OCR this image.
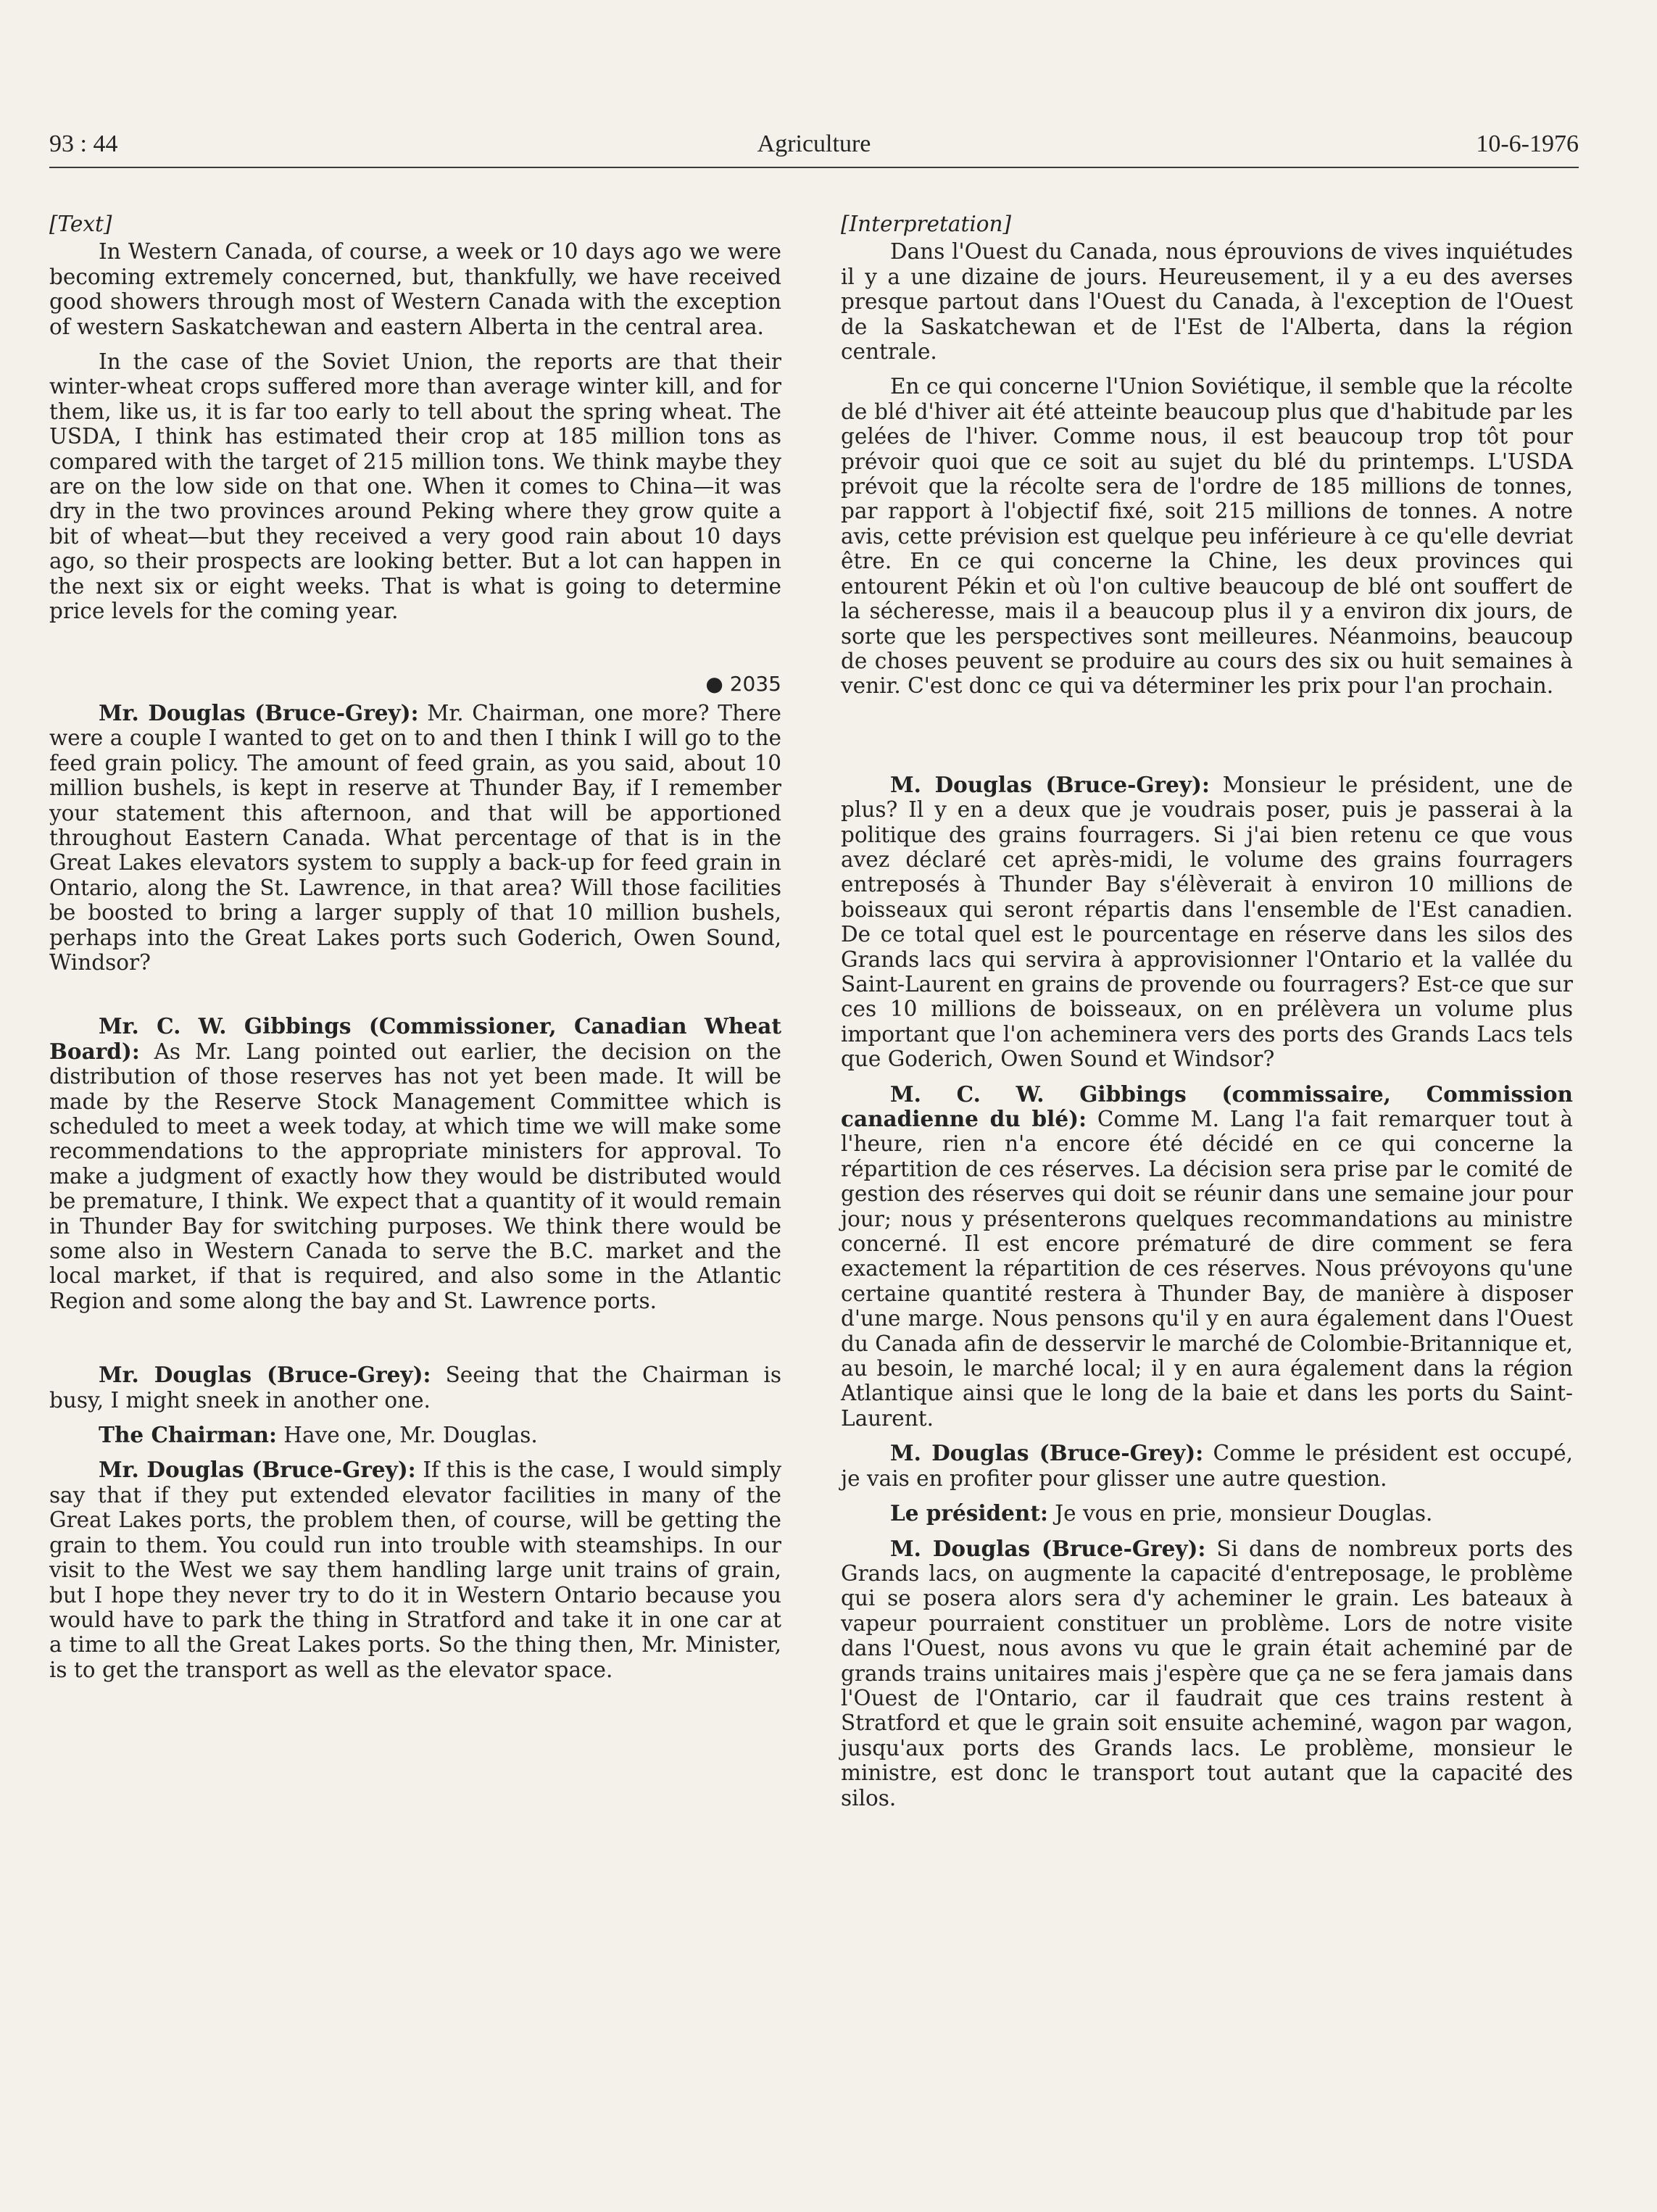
93 : 44	Agriculture	10-6-1976
[Text]

In Western Canada, of course, a week or 10 days ago we were becoming extremely concerned, but, thankfully, we have received good showers through most of Western Canada with the exception of western Saskatchewan and eastern Alberta in the central area.

In the case of the Soviet Union, the reports are that their winter-wheat crops suffered more than average winter kill, and for them, like us, it is far too early to tell about the spring wheat. The USDA, I think has estimated their crop at 185 million tons as compared with the target of 215 million tons. We think maybe they are on the low side on that one. When it comes to China—it was dry in the two provinces around Peking where they grow quite a bit of wheat—but they received a very good rain about 10 days ago, so their prospects are looking better. But a lot can happen in the next six or eight weeks. That is what is going to determine price levels for the coming year.

● 2035

Mr. Douglas (Bruce-Grey): Mr. Chairman, one more? There were a couple I wanted to get on to and then I think I will go to the feed grain policy. The amount of feed grain, as you said, about 10 million bushels, is kept in reserve at Thunder Bay, if I remember your statement this afternoon, and that will be apportioned throughout Eastern Canada. What percentage of that is in the Great Lakes elevators system to supply a back-up for feed grain in Ontario, along the St. Lawrence, in that area? Will those facilities be boosted to bring a larger supply of that 10 million bushels, perhaps into the Great Lakes ports such Goderich, Owen Sound, Windsor?

Mr. C. W. Gibbings (Commissioner, Canadian Wheat Board): As Mr. Lang pointed out earlier, the decision on the distribution of those reserves has not yet been made. It will be made by the Reserve Stock Management Committee which is scheduled to meet a week today, at which time we will make some recommendations to the appropriate ministers for approval. To make a judgment of exactly how they would be distributed would be premature, I think. We expect that a quantity of it would remain in Thunder Bay for switching purposes. We think there would be some also in Western Canada to serve the B.C. market and the local market, if that is required, and also some in the Atlantic Region and some along the bay and St. Lawrence ports.

Mr. Douglas (Bruce-Grey): Seeing that the Chairman is busy, I might sneek in another one.

The Chairman: Have one, Mr. Douglas.

Mr. Douglas (Bruce-Grey): If this is the case, I would simply say that if they put extended elevator facilities in many of the Great Lakes ports, the problem then, of course, will be getting the grain to them. You could run into trouble with steamships. In our visit to the West we say them handling large unit trains of grain, but I hope they never try to do it in Western Ontario because you would have to park the thing in Stratford and take it in one car at a time to all the Great Lakes ports. So the thing then, Mr. Minister, is to get the transport as well as the elevator space.

[Interpretation]

Dans l'Ouest du Canada, nous éprouvions de vives inquiétudes il y a une dizaine de jours. Heureusement, il y a eu des averses presque partout dans l'Ouest du Canada, à l'exception de l'Ouest de la Saskatchewan et de l'Est de l'Alberta, dans la région centrale.

En ce qui concerne l'Union Soviétique, il semble que la récolte de blé d'hiver ait été atteinte beaucoup plus que d'habitude par les gelées de l'hiver. Comme nous, il est beaucoup trop tôt pour prévoir quoi que ce soit au sujet du blé du printemps. L'USDA prévoit que la récolte sera de l'ordre de 185 millions de tonnes, par rapport à l'objectif fixé, soit 215 millions de tonnes. A notre avis, cette prévision est quelque peu inférieure à ce qu'elle devriat être. En ce qui concerne la Chine, les deux provinces qui entourent Pékin et où l'on cultive beaucoup de blé ont souffert de la sécheresse, mais il a beaucoup plus il y a environ dix jours, de sorte que les perspectives sont meilleures. Néanmoins, beaucoup de choses peuvent se produire au cours des six ou huit semaines à venir. C'est donc ce qui va déterminer les prix pour l'an prochain.

M. Douglas (Bruce-Grey): Monsieur le président, une de plus? Il y en a deux que je voudrais poser, puis je passerai à la politique des grains fourragers. Si j'ai bien retenu ce que vous avez déclaré cet après-midi, le volume des grains fourragers entreposés à Thunder Bay s'élèverait à environ 10 millions de boisseaux qui seront répartis dans l'ensemble de l'Est canadien. De ce total quel est le pourcentage en réserve dans les silos des Grands lacs qui servira à approvisionner l'Ontario et la vallée du Saint-Laurent en grains de provende ou fourragers? Est-ce que sur ces 10 millions de boisseaux, on en prélèvera un volume plus important que l'on acheminera vers des ports des Grands Lacs tels que Goderich, Owen Sound et Windsor?

M. C. W. Gibbings (commissaire, Commission canadienne du blé): Comme M. Lang l'a fait remarquer tout à l'heure, rien n'a encore été décidé en ce qui concerne la répartition de ces réserves. La décision sera prise par le comité de gestion des réserves qui doit se réunir dans une semaine jour pour jour; nous y présenterons quelques recommandations au ministre concerné. Il est encore prématuré de dire comment se fera exactement la répartition de ces réserves. Nous prévoyons qu'une certaine quantité restera à Thunder Bay, de manière à disposer d'une marge. Nous pensons qu'il y en aura également dans l'Ouest du Canada afin de desservir le marché de Colombie-Britannique et, au besoin, le marché local; il y en aura également dans la région Atlantique ainsi que le long de la baie et dans les ports du Saint-Laurent.

M. Douglas (Bruce-Grey): Comme le président est occupé, je vais en profiter pour glisser une autre question.

Le président: Je vous en prie, monsieur Douglas.

M. Douglas (Bruce-Grey): Si dans de nombreux ports des Grands lacs, on augmente la capacité d'entreposage, le problème qui se posera alors sera d'y acheminer le grain. Les bateaux à vapeur pourraient constituer un problème. Lors de notre visite dans l'Ouest, nous avons vu que le grain était acheminé par de grands trains unitaires mais j'espère que ça ne se fera jamais dans l'Ouest de l'Ontario, car il faudrait que ces trains restent à Stratford et que le grain soit ensuite acheminé, wagon par wagon, jusqu'aux ports des Grands lacs. Le problème, monsieur le ministre, est donc le transport tout autant que la capacité des silos.
